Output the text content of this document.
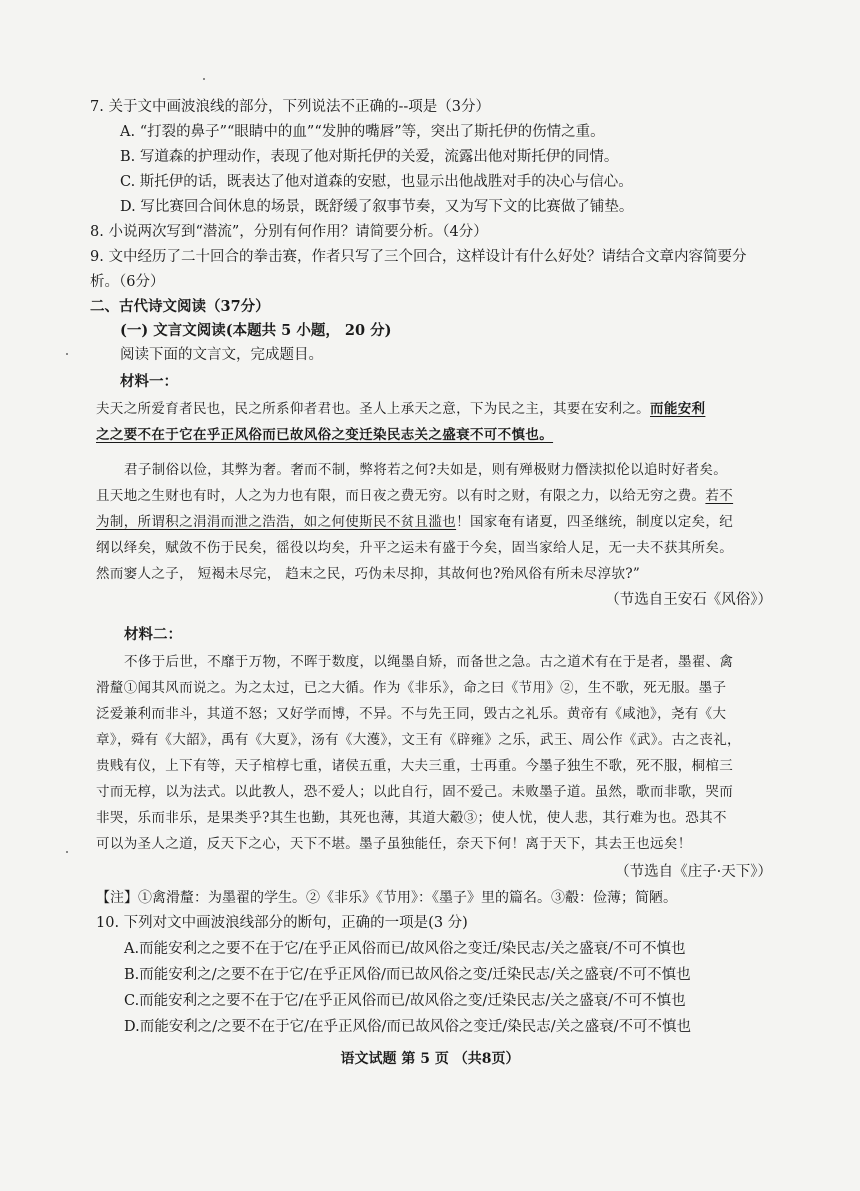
7. 关于文中画波浪线的部分，下列说法不正确的--项是（3分）
A. “打裂的鼻子”“眼睛中的血”“发肿的嘴唇”等，突出了斯托伊的伤情之重。
B. 写道森的护理动作，表现了他对斯托伊的关爱，流露出他对斯托伊的同情。
C. 斯托伊的话，既表达了他对道森的安慰，也显示出他战胜对手的决心与信心。
D. 写比赛回合间休息的场景，既舒缓了叙事节奏，又为写下文的比赛做了铺垫。
8. 小说两次写到“潜流”，分别有何作用？请简要分析。（4分）
9. 文中经历了二十回合的拳击赛，作者只写了三个回合，这样设计有什么好处？请结合文章内容简要分
析。（6分）
二、古代诗文阅读（37分）
(一) 文言文阅读(本题共 5 小题， 20 分)
阅读下面的文言文，完成题目。
材料一：
夫天之所爱育者民也，民之所系仰者君也。圣人上承天之意，下为民之主，其要在安利之。而能安利
之之要不在于它在乎正风俗而已故风俗之变迁染民志关之盛衰不可不慎也。
君子制俗以俭，其弊为奢。奢而不制，弊将若之何?夫如是，则有殚极财力僭渎拟伦以追时好者矣。
且天地之生财也有时，人之为力也有限，而日夜之费无穷。以有时之财，有限之力，以给无穷之费。若不
为制，所谓积之涓涓而泄之浩浩，如之何使斯民不贫且滥也！国家奄有诸夏，四圣继统，制度以定矣，纪
纲以绎矣，赋敛不伤于民矣，徭役以均矣，升平之运未有盛于今矣，固当家给人足，无一夫不获其所矣。
然而窭人之子， 短褐未尽完， 趋末之民，巧伪未尽抑，其故何也?殆风俗有所未尽淳欤?”
（节选自王安石《风俗》）
材料二：
不侈于后世，不靡于万物，不晖于数度，以绳墨自矫，而备世之急。古之道术有在于是者，墨翟、禽
滑釐①闻其风而说之。为之太过，已之大循。作为《非乐》，命之曰《节用》②，生不歌，死无服。墨子
泛爱兼利而非斗，其道不怒；又好学而博，不异。不与先王同，毁古之礼乐。黄帝有《咸池》，尧有《大
章》，舜有《大韶》，禹有《大夏》，汤有《大濩》，文王有《辟雍》之乐，武王、周公作《武》。古之丧礼，
贵贱有仪，上下有等，天子棺椁七重，诸侯五重，大夫三重，士再重。今墨子独生不歌，死不服，桐棺三
寸而无椁，以为法式。以此教人，恐不爱人；以此自行，固不爱己。未败墨子道。虽然，歌而非歌，哭而
非哭，乐而非乐，是果类乎?其生也勤，其死也薄，其道大觳③；使人忧，使人悲，其行难为也。恐其不
可以为圣人之道，反天下之心，天下不堪。墨子虽独能任，奈天下何！离于天下，其去王也远矣！
（节选自《庄子·天下》）
【注】①禽滑釐：为墨翟的学生。②《非乐》《节用》：《墨子》里的篇名。③觳：俭薄；简陋。
10. 下列对文中画波浪线部分的断句，正确的一项是(3 分)
A.而能安利之之要不在于它/在乎正风俗而已/故风俗之变迁/染民志/关之盛衰/不可不慎也
B.而能安利之/之要不在于它/在乎正风俗/而已故风俗之变/迁染民志/关之盛衰/不可不慎也
C.而能安利之之要不在于它/在乎正风俗而已/故风俗之变/迁染民志/关之盛衰/不可不慎也
D.而能安利之/之要不在于它/在乎正风俗/而已故风俗之变迁/染民志/关之盛衰/不可不慎也
语文试题 第 5 页 （共8页）
